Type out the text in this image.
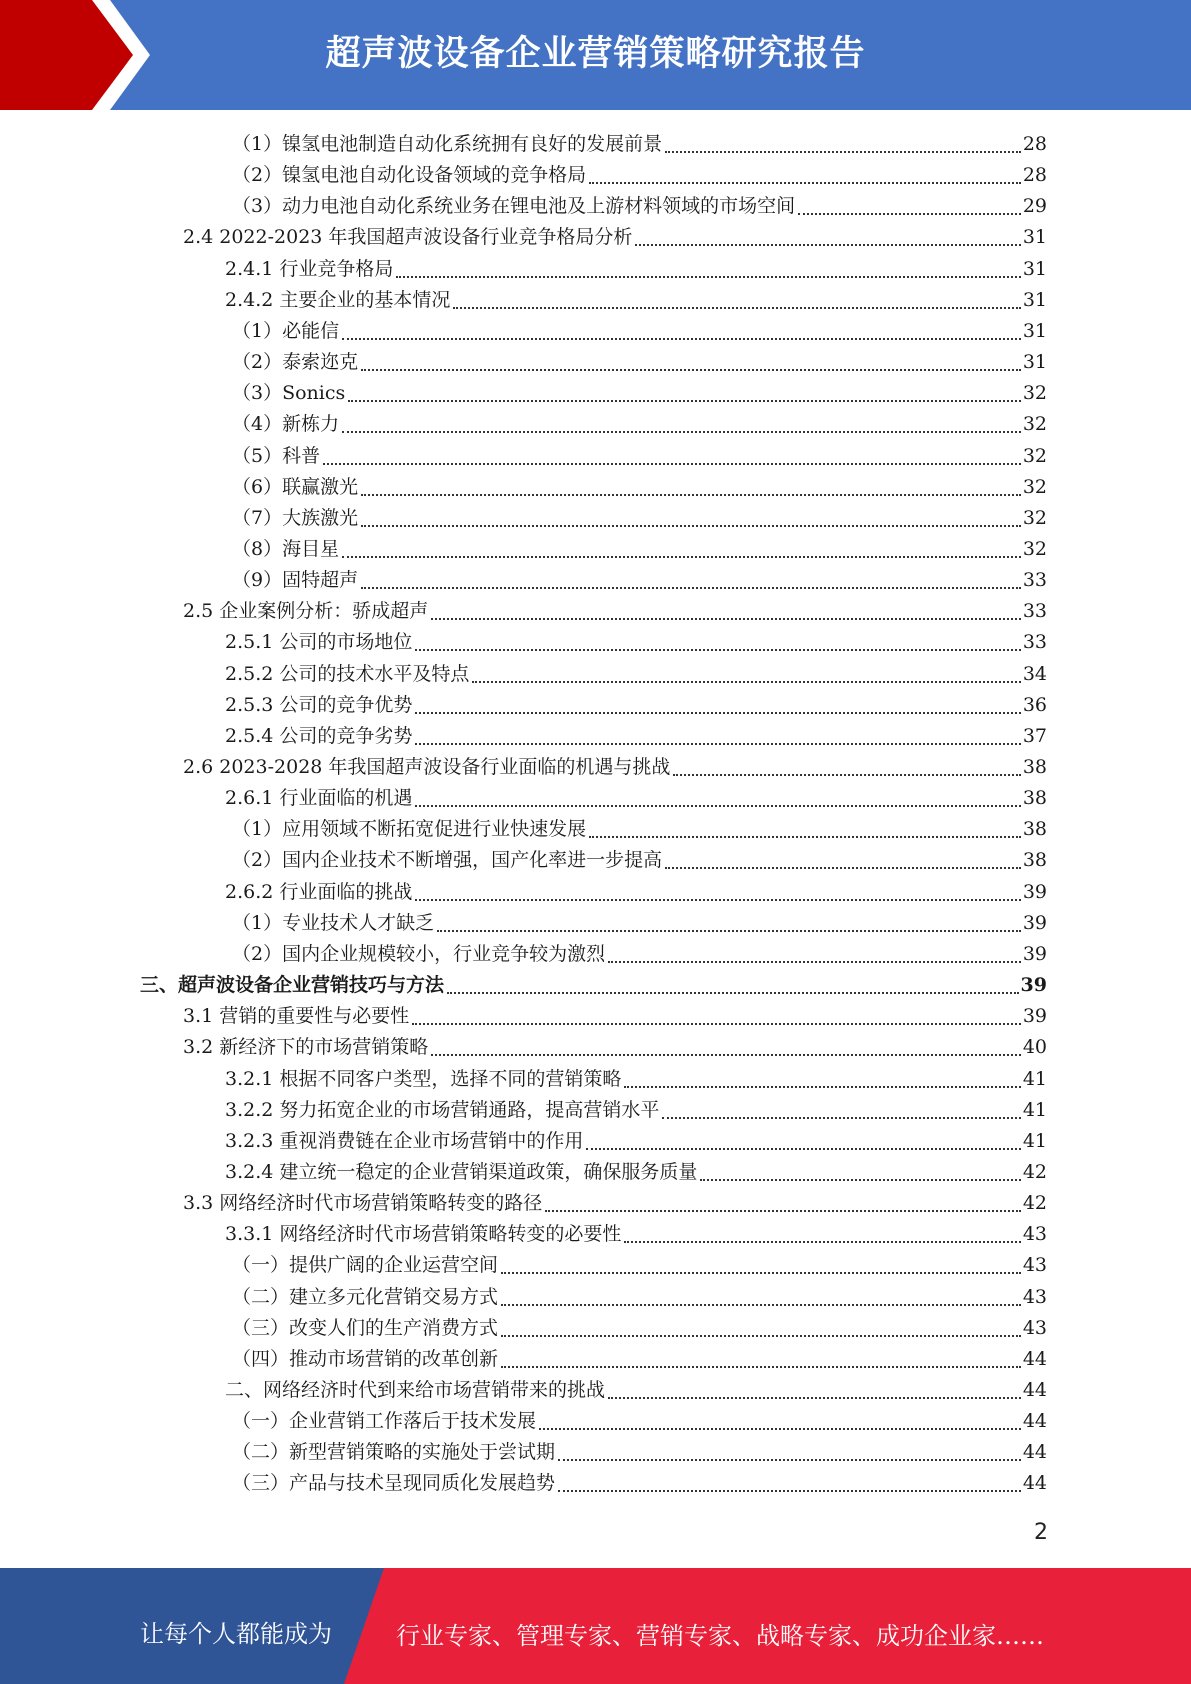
超声波设备企业营销策略研究报告
（1）镍氢电池制造自动化系统拥有良好的发展前景	28
（2）镍氢电池自动化设备领域的竞争格局	28
（3）动力电池自动化系统业务在锂电池及上游材料领域的市场空间	29
2.4 2022-2023 年我国超声波设备行业竞争格局分析	31
2.4.1 行业竞争格局	31
2.4.2 主要企业的基本情况	31
（1）必能信	31
（2）泰索迩克	31
（3）Sonics	32
（4）新栋力	32
（5）科普	32
（6）联赢激光	32
（7）大族激光	32
（8）海目星	32
（9）固特超声	33
2.5 企业案例分析：骄成超声	33
2.5.1 公司的市场地位	33
2.5.2 公司的技术水平及特点	34
2.5.3 公司的竞争优势	36
2.5.4 公司的竞争劣势	37
2.6 2023-2028 年我国超声波设备行业面临的机遇与挑战	38
2.6.1 行业面临的机遇	38
（1）应用领域不断拓宽促进行业快速发展	38
（2）国内企业技术不断增强，国产化率进一步提高	38
2.6.2 行业面临的挑战	39
（1）专业技术人才缺乏	39
（2）国内企业规模较小，行业竞争较为激烈	39
三、超声波设备企业营销技巧与方法	39
3.1 营销的重要性与必要性	39
3.2 新经济下的市场营销策略	40
3.2.1 根据不同客户类型，选择不同的营销策略	41
3.2.2 努力拓宽企业的市场营销通路，提高营销水平	41
3.2.3 重视消费链在企业市场营销中的作用	41
3.2.4 建立统一稳定的企业营销渠道政策，确保服务质量	42
3.3 网络经济时代市场营销策略转变的路径	42
3.3.1 网络经济时代市场营销策略转变的必要性	43
（一）提供广阔的企业运营空间	43
（二）建立多元化营销交易方式	43
（三）改变人们的生产消费方式	43
（四）推动市场营销的改革创新	44
二、网络经济时代到来给市场营销带来的挑战	44
（一）企业营销工作落后于技术发展	44
（二）新型营销策略的实施处于尝试期	44
（三）产品与技术呈现同质化发展趋势	44
2
让每个人都能成为	行业专家、管理专家、营销专家、战略专家、成功企业家……
